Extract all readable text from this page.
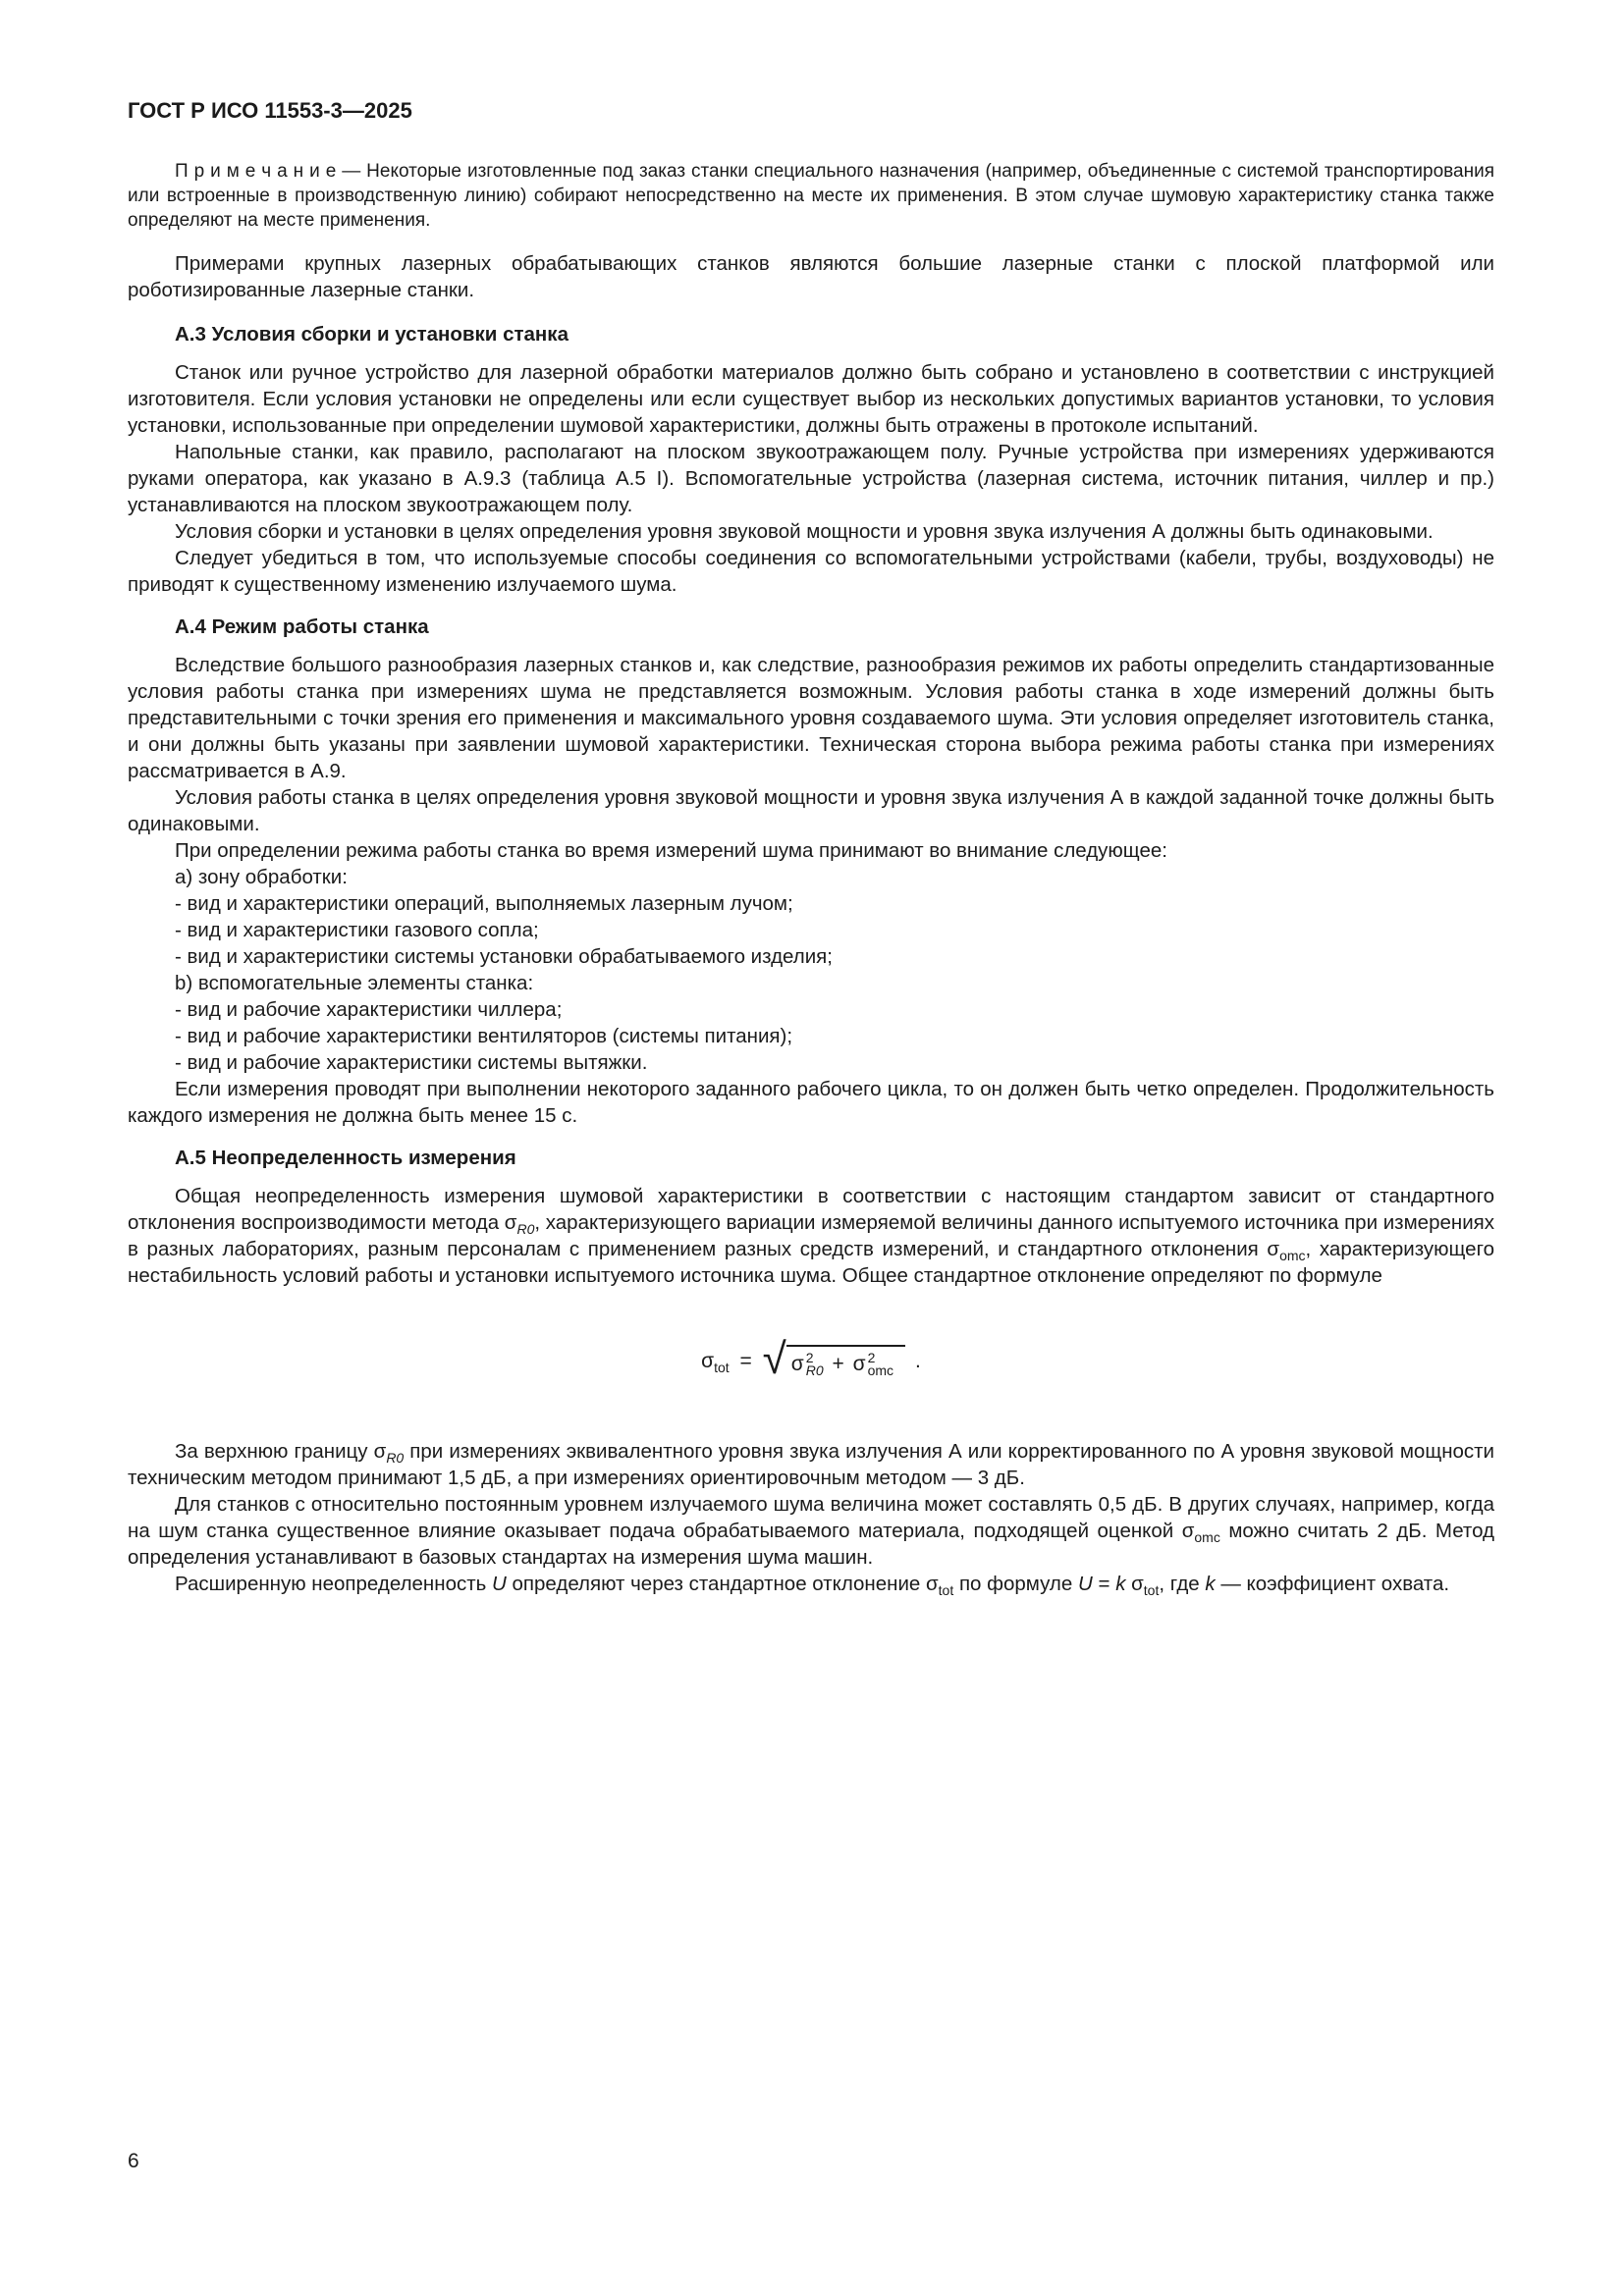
ГОСТ Р ИСО 11553-3—2025

П р и м е ч а н и е — Некоторые изготовленные под заказ станки специального назначения (например, объединенные с системой транспортирования или встроенные в производственную линию) собирают непосредственно на месте их применения. В этом случае шумовую характеристику станка также определяют на месте применения.

Примерами крупных лазерных обрабатывающих станков являются большие лазерные станки с плоской платформой или роботизированные лазерные станки.

А.3 Условия сборки и установки станка

Станок или ручное устройство для лазерной обработки материалов должно быть собрано и установлено в соответствии с инструкцией изготовителя. Если условия установки не определены или если существует выбор из нескольких допустимых вариантов установки, то условия установки, использованные при определении шумовой характеристики, должны быть отражены в протоколе испытаний.

Напольные станки, как правило, располагают на плоском звукоотражающем полу. Ручные устройства при измерениях удерживаются руками оператора, как указано в А.9.3 (таблица А.5 I). Вспомогательные устройства (лазерная система, источник питания, чиллер и пр.) устанавливаются на плоском звукоотражающем полу.

Условия сборки и установки в целях определения уровня звуковой мощности и уровня звука излучения А должны быть одинаковыми.

Следует убедиться в том, что используемые способы соединения со вспомогательными устройствами (кабели, трубы, воздуховоды) не приводят к существенному изменению излучаемого шума.

А.4 Режим работы станка

Вследствие большого разнообразия лазерных станков и, как следствие, разнообразия режимов их работы определить стандартизованные условия работы станка при измерениях шума не представляется возможным. Условия работы станка в ходе измерений должны быть представительными с точки зрения его применения и максимального уровня создаваемого шума. Эти условия определяет изготовитель станка, и они должны быть указаны при заявлении шумовой характеристики. Техническая сторона выбора режима работы станка при измерениях рассматривается в А.9.

Условия работы станка в целях определения уровня звуковой мощности и уровня звука излучения А в каждой заданной точке должны быть одинаковыми.

При определении режима работы станка во время измерений шума принимают во внимание следующее:

a) зону обработки:

- вид и характеристики операций, выполняемых лазерным лучом;

- вид и характеристики газового сопла;

- вид и характеристики системы установки обрабатываемого изделия;

b) вспомогательные элементы станка:

- вид и рабочие характеристики чиллера;

- вид и рабочие характеристики вентиляторов (системы питания);

- вид и рабочие характеристики системы вытяжки.

Если измерения проводят при выполнении некоторого заданного рабочего цикла, то он должен быть четко определен. Продолжительность каждого измерения не должна быть менее 15 с.

А.5 Неопределенность измерения

Общая неопределенность измерения шумовой характеристики в соответствии с настоящим стандартом зависит от стандартного отклонения воспроизводимости метода $\sigma_{R0}$, характеризующего вариации измеряемой величины данного испытуемого источника при измерениях в разных лабораториях, разным персоналам с применением разных средств измерений, и стандартного отклонения $\sigma_{omc}$, характеризующего нестабильность условий работы и установки испытуемого источника шума. Общее стандартное отклонение определяют по формуле

$\sigma_{tot}$ = √ σ 2
R0 + σ 2
omc	.

За верхнюю границу $\sigma_{R0}$ при измерениях эквивалентного уровня звука излучения А или корректированного по А уровня звуковой мощности техническим методом принимают 1,5 дБ, а при измерениях ориентировочным методом — 3 дБ.

Для станков с относительно постоянным уровнем излучаемого шума величина может составлять 0,5 дБ. В других случаях, например, когда на шум станка существенное влияние оказывает подача обрабатываемого материала, подходящей оценкой $\sigma_{omc}$ можно считать 2 дБ. Метод определения устанавливают в базовых стандартах на измерения шума машин.

Расширенную неопределенность U определяют через стандартное отклонение $\sigma_{tot}$ по формуле U = k $\sigma_{tot}$, где k — коэффициент охвата.

6
